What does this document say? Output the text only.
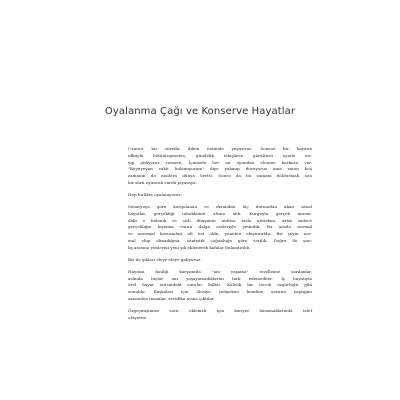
Oyalanma Çağı ve Konserve Hayatlar

Uzunca bir süredir diken üstünde yaşıyoruz. Sonsuz bir hayatın
ufkuyla bütünleşmeden, gündelik telaşların gürültüsü içinde eri-
yip gidiyoruz resmen. İçimizde her an oyundan elenme korkusu var.
"Büyüyeyim vakit bulamıyorum" diye yakınıp duruyoruz ama zaten boş
zamanın da modern dünya üretti. Sonra da bu zamanı doldurmak için
bir sürü oyuncak sürdü piyasaya.

Hep birlikte oyalanıyoruz.

Senaryoya göre kurgulanan ve ekrandan hiç durmadan akan sanal
hayatlar, gerçekliği tahakkümü altına aldı. Kurguyla gerçek arasın-
daki o bulanık ve sisli dünyanın nüfusu hızla artarken, artık sadece
gerçekliğin kıyısına vuran dalga sesleriyle yetindik. Bu arada normal
ve anormal kavramları alt üst oldu, yeniden oluşturuldu. Bir şeyin nor-
mal olup olmadığına, istatistik çoğunluğa göre verildi. Doğru ile yan-
lış arasına yönlerini yeni şık eklenerek kafalar bulandırıldı.

Biz de şıkları eleye eleye gidiyoruz.

Hayatın fanilği karşısında "anı yaşama" tesellisine sarılanlar,
aslında hiçbir anı yaşayamadıklarını fark edemediler. İş hayatıyla
özel hayat arasındaki sınırlar kalktı. Kölelik bir tercih özgürlüğü gibi
sunuldu. Başkaları için ölesiye çalışırken kendine yatırım yaptığını
zanneden insanlar, sertifika avına çıktılar.

Özgeçmişimize satır eklemek için kariyer basamaklarında telef
oluyoruz.
